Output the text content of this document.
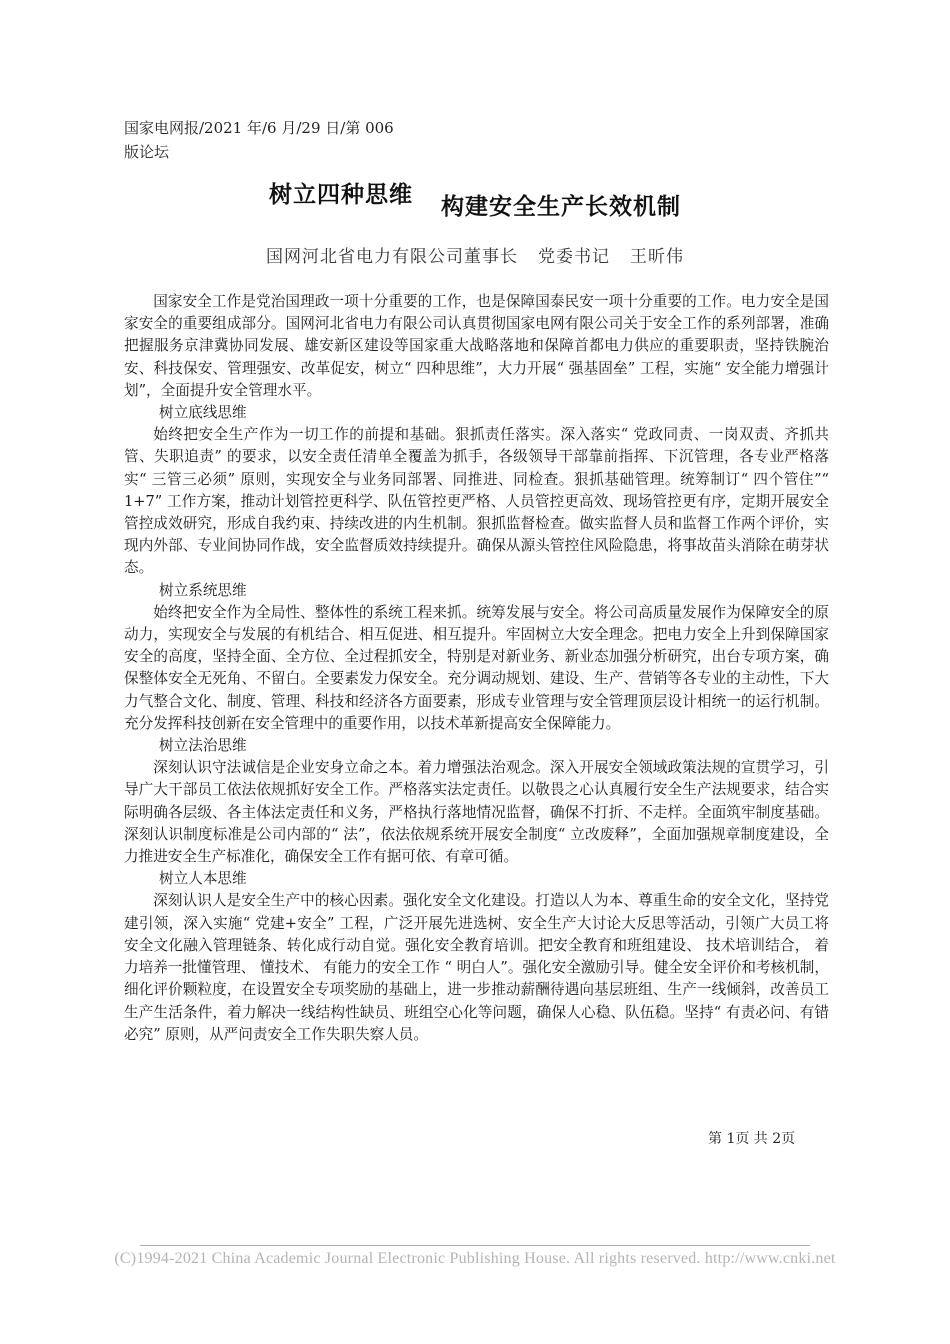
国家电网报/2021 年/6 月/29 日/第 006
版论坛
树立四种思维 构建安全生产长效机制
国网河北省电力有限公司董事长 党委书记 王昕伟

国家安全工作是党治国理政一项十分重要的工作，也是保障国泰民安一项十分重要的工作。电力安全是国家安全的重要组成部分。国网河北省电力有限公司认真贯彻国家电网有限公司关于安全工作的系列部署，准确把握服务京津冀协同发展、雄安新区建设等国家重大战略落地和保障首都电力供应的重要职责，坚持铁腕治安、科技保安、管理强安、改革促安，树立“ 四种思维”，大力开展“ 强基固垒” 工程，实施“ 安全能力增强计划”，全面提升安全管理水平。

树立底线思维

始终把安全生产作为一切工作的前提和基础。狠抓责任落实。深入落实“ 党政同责、一岗双责、齐抓共管、失职追责” 的要求，以安全责任清单全覆盖为抓手，各级领导干部靠前指挥、下沉管理，各专业严格落实“ 三管三必须” 原则，实现安全与业务同部署、同推进、同检查。狠抓基础管理。统筹制订“ 四个管住”“ 1+7” 工作方案，推动计划管控更科学、队伍管控更严格、人员管控更高效、现场管控更有序，定期开展安全管控成效研究，形成自我约束、持续改进的内生机制。狠抓监督检查。做实监督人员和监督工作两个评价，实现内外部、专业间协同作战，安全监督质效持续提升。确保从源头管控住风险隐患，将事故苗头消除在萌芽状态。

树立系统思维

始终把安全作为全局性、整体性的系统工程来抓。统筹发展与安全。将公司高质量发展作为保障安全的原动力，实现安全与发展的有机结合、相互促进、相互提升。牢固树立大安全理念。把电力安全上升到保障国家安全的高度，坚持全面、全方位、全过程抓安全，特别是对新业务、新业态加强分析研究，出台专项方案，确保整体安全无死角、不留白。全要素发力保安全。充分调动规划、建设、生产、营销等各专业的主动性，下大力气整合文化、制度、管理、科技和经济各方面要素，形成专业管理与安全管理顶层设计相统一的运行机制。充分发挥科技创新在安全管理中的重要作用，以技术革新提高安全保障能力。

树立法治思维

深刻认识守法诚信是企业安身立命之本。着力增强法治观念。深入开展安全领域政策法规的宣贯学习，引导广大干部员工依法依规抓好安全工作。严格落实法定责任。以敬畏之心认真履行安全生产法规要求，结合实际明确各层级、各主体法定责任和义务，严格执行落地情况监督，确保不打折、不走样。全面筑牢制度基础。深刻认识制度标准是公司内部的“ 法”，依法依规系统开展安全制度“ 立改废释”，全面加强规章制度建设，全力推进安全生产标准化，确保安全工作有据可依、有章可循。

树立人本思维

深刻认识人是安全生产中的核心因素。强化安全文化建设。打造以人为本、尊重生命的安全文化，坚持党建引领，深入实施“ 党建+安全” 工程，广泛开展先进选树、安全生产大讨论大反思等活动，引领广大员工将安全文化融入管理链条、转化成行动自觉。强化安全教育培训。把安全教育和班组建设、 技术培训结合， 着力培养一批懂管理、 懂技术、 有能力的安全工作 “ 明白人”。强化安全激励引导。健全安全评价和考核机制，细化评价颗粒度，在设置安全专项奖励的基础上，进一步推动薪酬待遇向基层班组、生产一线倾斜，改善员工生产生活条件，着力解决一线结构性缺员、班组空心化等问题，确保人心稳、队伍稳。坚持“ 有责必问、有错必究” 原则，从严问责安全工作失职失察人员。

第 1页 共 2页
(C)1994-2021 China Academic Journal Electronic Publishing House. All rights reserved. http://www.cnki.net
